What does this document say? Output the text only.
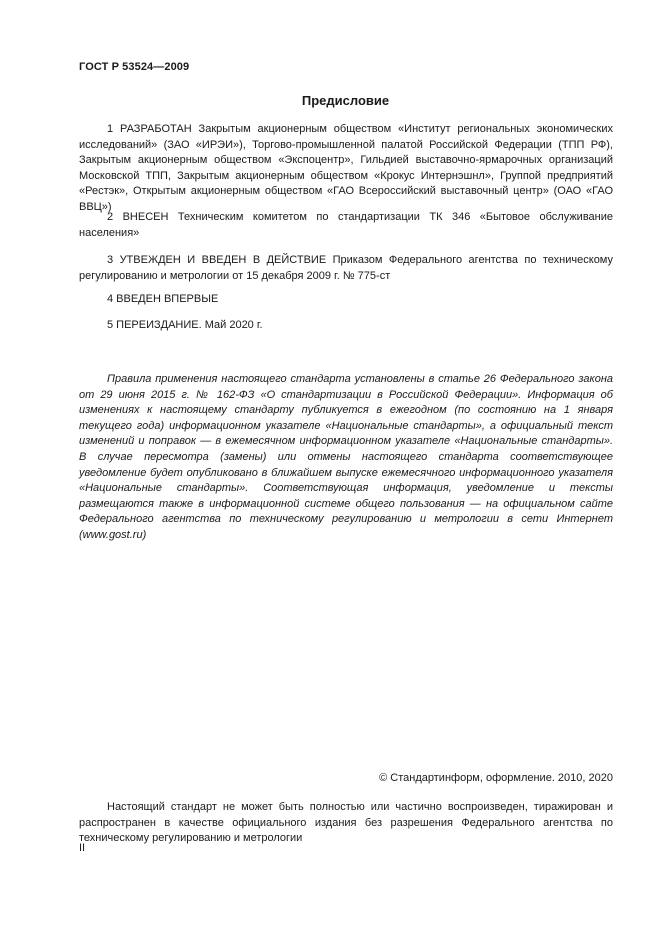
ГОСТ Р 53524—2009
Предисловие

1 РАЗРАБОТАН Закрытым акционерным обществом «Институт региональных экономических исследований» (ЗАО «ИРЭИ»), Торгово-промышленной палатой Российской Федерации (ТПП РФ), Закрытым акционерным обществом «Экспоцентр», Гильдией выставочно-ярмарочных организаций Московской ТПП, Закрытым акционерным обществом «Крокус Интернэшнл», Группой предприятий «Рестэк», Открытым акционерным обществом «ГАО Всероссийский выставочный центр» (ОАО «ГАО ВВЦ»)

2 ВНЕСЕН Техническим комитетом по стандартизации ТК 346 «Бытовое обслуживание населения»

3 УТВЕЖДЕН И ВВЕДЕН В ДЕЙСТВИЕ Приказом Федерального агентства по техническому регулированию и метрологии от 15 декабря 2009 г. № 775-ст

4 ВВЕДЕН ВПЕРВЫЕ

5 ПЕРЕИЗДАНИЕ. Май 2020 г.

Правила применения настоящего стандарта установлены в статье 26 Федерального закона от 29 июня 2015 г. № 162-ФЗ «О стандартизации в Российской Федерации». Информация об изменениях к настоящему стандарту публикуется в ежегодном (по состоянию на 1 января текущего года) информационном указателе «Национальные стандарты», а официальный текст изменений и поправок — в ежемесячном информационном указателе «Национальные стандарты». В случае пересмотра (замены) или отмены настоящего стандарта соответствующее уведомление будет опубликовано в ближайшем выпуске ежемесячного информационного указателя «Национальные стандарты». Соответствующая информация, уведомление и тексты размещаются также в информационной системе общего пользования — на официальном сайте Федерального агентства по техническому регулированию и метрологии в сети Интернет (www.gost.ru)

© Стандартинформ, оформление. 2010, 2020

Настоящий стандарт не может быть полностью или частично воспроизведен, тиражирован и распространен в качестве официального издания без разрешения Федерального агентства по техническому регулированию и метрологии

II
